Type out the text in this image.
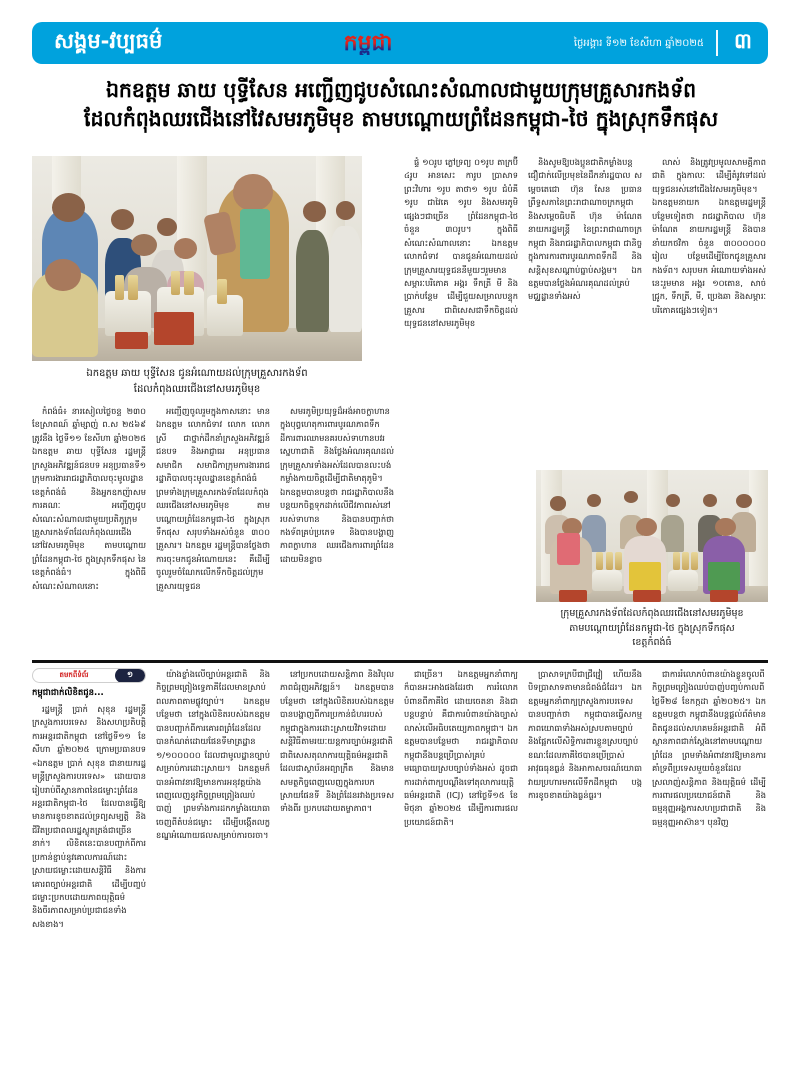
សង្គម-វប្បធម៌	កម្ពុជា	ថ្ងៃអង្គារ ទី១២ ខែសីហា ឆ្នាំ២០២៥	៣
ឯកឧត្តម ឆាយ បុទ្ធីសែន អញ្ជើញជូបសំណេះសំណាលជាមួយក្រុមគ្រួសារកងទ័ព
ដែលកំពុងឈរជើងនៅវៃសមរភូមិមុខ តាមបណ្ដោយព្រំដែនកម្ពុជា-ថៃ ក្នុងស្រុកទឹកផុស
ឯកឧត្តម ឆាយ បុទ្ធីសែន ជូនអំណោយដល់ក្រុមគ្រួសារកងទ័ព
ដែលកំពុងឈរជើងនៅសមរភូមិមុខ
ក្រុមគ្រួសារកងទ័ពដែលកំពុងឈរជើងនៅសមរភូមិមុខ
តាមបណ្ដោយព្រំដែនកម្ពុជា-ថៃ ក្នុងស្រុកទឹកផុស
ខេត្តកំពង់ធំ

កំពង់ធំ៖ នារសៀលថ្ងៃចន្ទ ២៣០ ខែស្រាពណ៍ ឆ្នាំម្សាញ់ ព.ស ២៥៦៩ ត្រូវនឹង ថ្ងៃទី១១ ខែសីហា ឆ្នាំ២០២៥ ឯកឧត្តម ឆាយ បុទ្ធីសែន រដ្ឋមន្ត្រីក្រសួងអភិវឌ្ឍន៍ជនបទ អនុប្រធានទី១ ក្រុមការងាររាជរដ្ឋាភិបាលចុះមូលដ្ឋានខេត្តកំពង់ធំ និងអ្នកឧកញ៉ាសមការគណៈ អញ្ជើញជូបសំណេះសំណាលជាមួយប្រតិភូក្រុមគ្រួសារកងទ័ពដែលកំពុងឈរជើងនៅវៃសមរភូមិមុខ តាមបណ្ដោយព្រំដែនកម្ពុជា-ថៃ ក្នុងស្រុកទឹកផុស នៃខេត្តកំពង់ធំ។ ក្នុងពិធីសំណេះសំណាលនោះ

អញ្ជើញចូលរួមក្នុងកាសនោះ មាន ឯកឧត្តម លោកជំទាវ លោក លោកស្រី ជាថ្នាក់ដឹកនាំក្រសួងអភិវឌ្ឍន៍ជនបទ និងអាជ្ញាធរ អនុប្រធានសមាជិក សមាជិកាក្រុមការងាររាជរដ្ឋាភិបាលចុះមូលដ្ឋានខេត្តកំពង់ធំ ព្រមទាំងក្រុមគ្រួសារកងទ័ពដែលកំពុងឈរជើងនៅសមរភូមិមុខ តាមបណ្ដោយព្រំដែនកម្ពុជា-ថៃ ក្នុងស្រុកទឹកផុស សរុបទាំងអស់ចំនួន ៣០០ គ្រួសារ។ ឯកឧត្តម រដ្ឋមន្ត្រីបានថ្លែងថា ការចុះមកជូនអំណោយនេះ គឺដើម្បីចូលរួមចំណែកលើកទឹកចិត្តដល់ក្រុមគ្រួសារយុទ្ធជន

សមរភូមិប្រយុទ្ធដ៏អង់អាចក្លាហាន ក្នុងបុព្វហេតុការពារបូរណភាពទឹកដីការពារឈាមនគរបស់ទាហានបវរ ស្នេហាជាតិ និងថ្លែងអំណរគុណដល់ក្រុមគ្រួសារទាំងអស់ដែលបានលះបង់កម្លាំងកាយចិត្តដើម្បីជាតិមាតុភូមិ។ ឯកឧត្តមបានបន្តថា រាជរដ្ឋាភិបាលនឹងបន្តយកចិត្តទុកដាក់លើជីវភាពរស់នៅរបស់ទាហាន និងបានបញ្ជាក់ថាកងទ័ពគ្រប់ប្រភេទ និងបានបង្ហាញភាពក្លាហាន ឈរជើងការពារព្រំដែនដោយមិនខ្លាច

ផ្ទំ ១០រូប ភ្លៅទ្រព្យ ០១រូប តាក្រប៊ី ៤រូប អានសេះ ការូប ប្រាសាទព្រះវិហារ ១រូប តាថា១ ១រូប ជំបំគី ១រូប ជាវៃគេ ១រូប និងសមរភូមិផ្សេងៗជាច្រើន ព្រំដែនកម្ពុជា-ថៃ ចំនួន ៣០រូប។ ក្នុងពិធីសំណេះសំណាលនោះ ឯកឧត្តម លោកជំទាវ បានជូនអំណោយដល់ក្រុមគ្រួសារយុទ្ធជននីមួយៗរួមមានសម្ភារៈបរិភោគ អង្ករ ទឹកត្រី មី និងប្រាក់បន្ថែម ដើម្បីជួយសម្រាលបន្ទុកគ្រួសារ ជាពិសេសជាទឹកចិត្តដល់យុទ្ធជននៅសមរភូមិមុខ

និងសូមឱ្យបងប្អូនជាតិកម្លាំងបន្ត ជឿជាក់លើប្រមុខនៃដឹកនាំរដ្ឋបាល សម្តេចតេជោ ហ៊ុន សែន ប្រធានព្រឹទ្ធសភានៃព្រះរាជាណាចក្រកម្ពុជា និងសម្តេចធិបតី ហ៊ុន ម៉ាណែត នាយករដ្ឋមន្ត្រី នៃព្រះរាជាណាចក្រកម្ពុជា និងរាជរដ្ឋាភិបាលកម្ពុជា ជានិច្ចក្នុងការការពារបូរណភាពទឹកដី និងសន្តិសុខសណ្ដាប់ធ្នាប់សង្គម។ ឯកឧត្តមបានថ្លែងអំណរគុណដល់គ្រប់មជ្ឈដ្ឋានទាំងអស់

លាស់ និងត្រូវប្រមូលសាមគ្គីភាពជាតិ ក្នុងកាលៈ ដើម្បីតំរូវទៅដល់យុទ្ធជនរស់នៅជើងវៃសមរភូមិមុខ។ ឯកឧត្តមនាយក ឯកឧត្តមរដ្ឋមន្ត្រី បន្ថែមទៀតថា រាជរដ្ឋាភិបាល ហ៊ុន ម៉ាណែត នាយករដ្ឋមន្ត្រី និងបាននាំយកថវិកា ចំនួន ៣០០០០០០ រៀល បន្ថែមដើម្បីចែកជូនគ្រួសារកងទ័ព។ សរុបមក អំណោយទាំងអស់នេះរួមមាន អង្ករ ១០តោន, សាច់ជ្រូក, ទឹកត្រី, មី, ប្រេងឆា និងសម្ភារៈបរិភោគផ្សេងៗទៀត។

តមកពីទំព័រ	១
កម្ពុជាជាក់លិខិតជូន...

រដ្ឋមន្ត្រី ប្រាក់ សុខុន រដ្ឋមន្ត្រីក្រសួងការបរទេស និងសហប្រតិបត្តិការអន្តរជាតិកម្ពុជា នៅថ្ងៃទី១១ ខែសីហា ឆ្នាំ២០២៥ ក្រោមប្រធានបទ «ឯកឧត្តម ប្រាក់ សុខុន ជានាយករដ្ឋមន្ត្រីក្រសួងការបរទេស» ដោយបានរៀបរាប់ពីស្ថានភាពនៃជម្លោះព្រំដែនអន្តរជាតិកម្ពុជា-ថៃ ដែលបានធ្វើឱ្យមានការខូចខាតដល់ទ្រព្យសម្បត្តិ និងជីវិតប្រជាពលរដ្ឋស្លូតត្រង់ជាច្រើននាក់។ លិខិតនេះបានបញ្ជាក់ពីការប្រកាន់ខ្ជាប់នូវគោលការណ៍ដោះស្រាយជម្លោះដោយសន្តិវិធី និងការគោរពច្បាប់អន្តរជាតិ ដើម្បីបញ្ចប់ជម្លោះប្រកបដោយភាពយុត្តិធម៌ និងចីរភាពសម្រាប់ប្រជាជនទាំងសងខាង។

យ៉ាងខ្លាំងលើច្បាប់អន្តរជាតិ និងកិច្ចព្រមព្រៀងទ្វេភាគីដែលមានស្រាប់ ពលភាពតាមផ្លូវច្បាប់។ ឯកឧត្តម បន្ថែមថា នៅក្នុងលិខិតរបស់ឯកឧត្តម បានបញ្ជាក់ពីការគោរពព្រំដែនដែលបានកំណត់ដោយផែនទីមាត្រដ្ឋាន ១/១០០០០០ ដែលជាមូលដ្ឋានច្បាប់សម្រាប់ការដោះស្រាយ។ ឯកឧត្តមក៏បានអំពាវនាវឱ្យមានការអនុវត្តយ៉ាងពេញលេញនូវកិច្ចព្រមព្រៀងឈប់បាញ់ ព្រមទាំងការដកកម្លាំងយោធាចេញពីតំបន់ជម្លោះ ដើម្បីបង្កើតលក្ខខណ្ឌអំណោយផលសម្រាប់ការចរចា។

នៅប្រកបដោយសន្តិភាព និងវិបុលភាពជំរុញអភិវឌ្ឍន៍។ ឯកឧត្តមបានបន្ថែមថា នៅក្នុងលិខិតរបស់ឯកឧត្តម បានបង្ហាញពីការប្រកាន់ជំហររបស់កម្ពុជាក្នុងការដោះស្រាយវិវាទដោយសន្តិវិធីតាមរយៈយន្តការច្បាប់អន្តរជាតិ ជាពិសេសតុលាការយុត្តិធម៌អន្តរជាតិ ដែលជាស្ថាប័នអព្យាក្រឹត និងមានសមត្ថកិច្ចពេញលេញក្នុងការបកស្រាយផែនទី និងព្រំដែនរវាងប្រទេសទាំងពីរ ប្រកបដោយតម្លាភាព។

ជាច្រើន។ ឯកឧត្តមអ្នកនាំពាក្យក៏បានអះអាងផងដែរថា ការរំលោភបំពានពីភាគីថៃ ដោយចេតនា និងជាបន្តបន្ទាប់ គឺជាការបំពានយ៉ាងច្បាស់លាស់លើអធិបតេយ្យភាពកម្ពុជា។ ឯកឧត្តមបានបន្ថែមថា រាជរដ្ឋាភិបាលកម្ពុជានឹងបន្តប្រើប្រាស់គ្រប់មធ្យោបាយស្របច្បាប់ទាំងអស់ ដូចជាការដាក់ពាក្យបណ្ដឹងទៅតុលាការយុត្តិធម៌អន្តរជាតិ (ICJ) នៅថ្ងៃទី១៥ ខែមិថុនា ឆ្នាំ២០២៥ ដើម្បីការពារផលប្រយោជន៍ជាតិ។

ប្រាសាទក្របីជាជ្រីវ្រៀ ហើយនឹង បិទប្រាសាទតាមានជំពង់ជំដែរ។ ឯកឧត្តមអ្នកនាំពាក្យក្រសួងការបរទេសបានបញ្ជាក់ថា កម្ពុជាបានធ្វើសកម្មភាពយោធាទាំងអស់ស្របតាមច្បាប់ និងផ្អែកលើសិទ្ធិការពារខ្លួនស្របច្បាប់ ខណៈដែលភាគីថៃបានប្រើប្រាស់អាវុធធុនធ្ងន់ និងអាកាសចរណ៍យោធាវាយប្រហារមកលើទឹកដីកម្ពុជា បង្កការខូចខាតយ៉ាងធ្ងន់ធ្ងរ។

ជាការរំលោភបំពានយ៉ាងខ្លួនចូលពីកិច្ចព្រមព្រៀងឈប់បាញ់បញ្ចប់កាលពីថ្ងៃទី២៨ ខែកក្កដា ឆ្នាំ២០២៥។ ឯកឧត្តមបន្តថា កម្ពុជានឹងបន្តផ្ដល់ព័ត៌មានពិតជូនដល់សហគមន៍អន្តរជាតិ អំពីស្ថានភាពជាក់ស្ដែងនៅតាមបណ្ដោយព្រំដែន ព្រមទាំងអំពាវនាវឱ្យមានការគាំទ្រពីប្រទេសមួយចំនួនដែលស្រលាញ់សន្តិភាព និងយុត្តិធម៌ ដើម្បីការពារផលប្រយោជន៍ជាតិ និងធម្មនុញ្ញអង្គការសហប្រជាជាតិ និងធម្មនុញ្ញអាស៊ាន។ បុនវិញ
